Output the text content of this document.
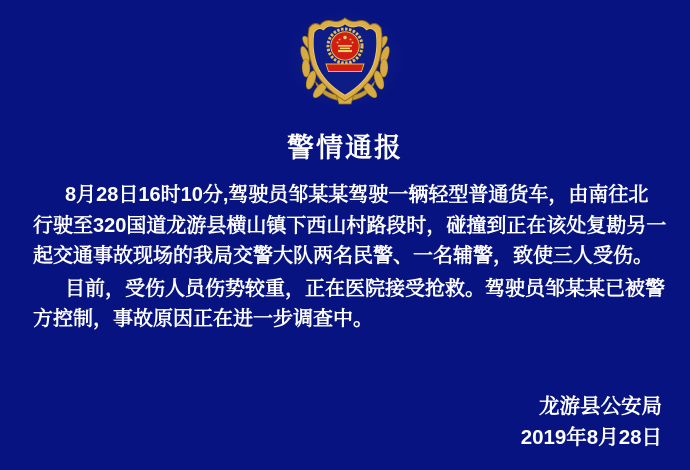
警情通报
8月28日16时10分,驾驶员邹某某驾驶一辆轻型普通货车，由南往北
行驶至320国道龙游县横山镇下西山村路段时，碰撞到正在该处复勘另一
起交通事故现场的我局交警大队两名民警、一名辅警，致使三人受伤。
目前，受伤人员伤势较重，正在医院接受抢救。驾驶员邹某某已被警
方控制，事故原因正在进一步调查中。
龙游县公安局
2019年8月28日
